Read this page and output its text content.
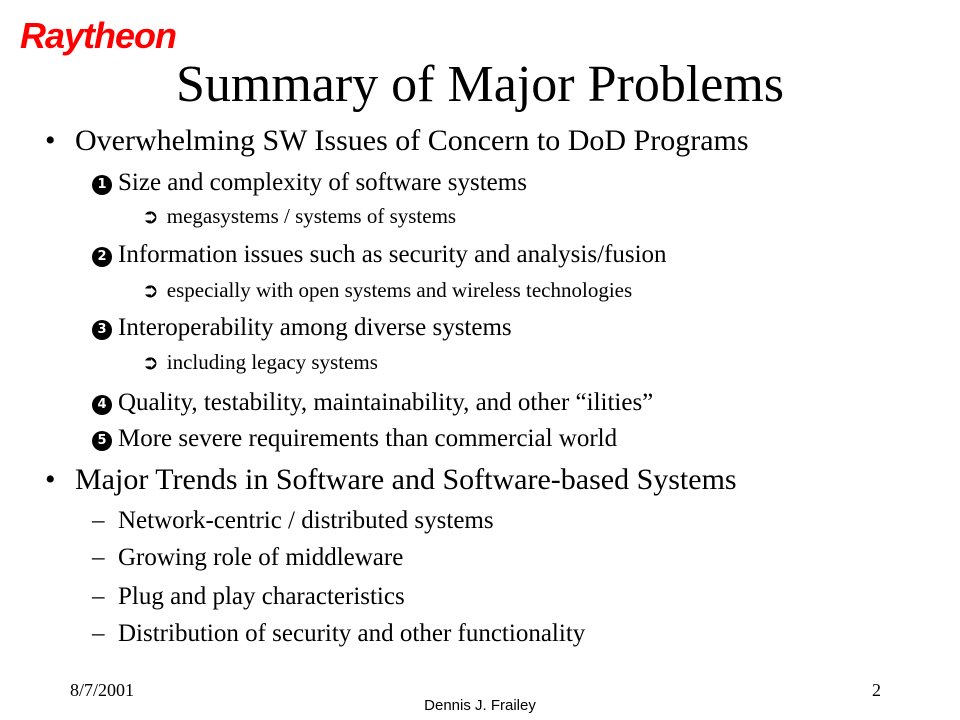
Raytheon
Summary of Major Problems
• Overwhelming SW Issues of Concern to DoD Programs
1 Size and complexity of software systems
➲ megasystems / systems of systems
2 Information issues such as security and analysis/fusion
➲ especially with open systems and wireless technologies
3 Interoperability among diverse systems
➲ including legacy systems
4 Quality, testability, maintainability, and other “ilities”
5 More severe requirements than commercial world
• Major Trends in Software and Software-based Systems
– Network-centric / distributed systems
– Growing role of middleware
– Plug and play characteristics
– Distribution of security and other functionality
8/7/2001	2
Dennis J. Frailey
